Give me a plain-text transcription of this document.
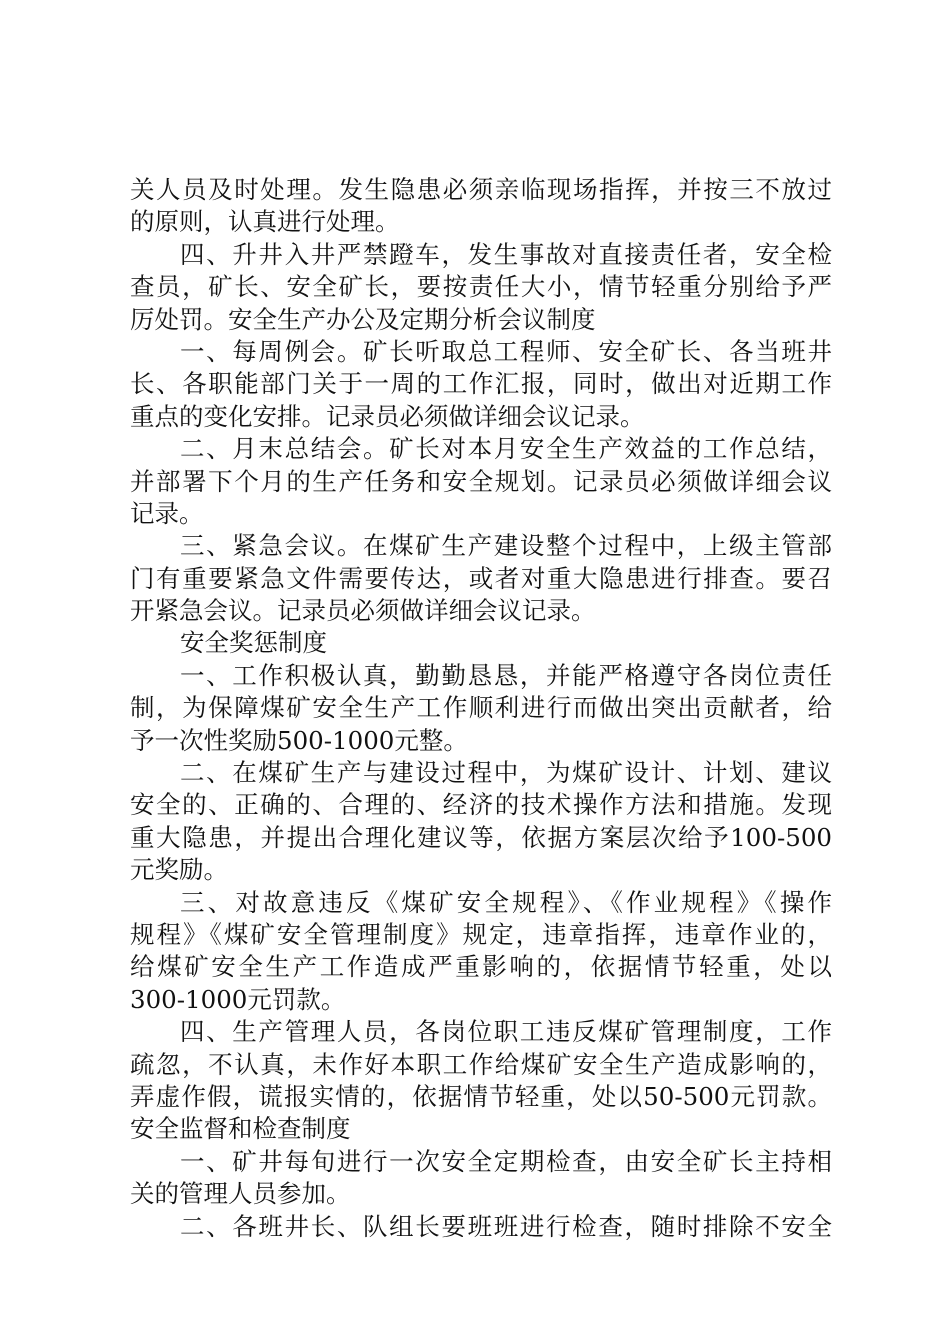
关人员及时处理。发生隐患必须亲临现场指挥，并按三不放过
的原则，认真进行处理。
四、升井入井严禁蹬车，发生事故对直接责任者，安全检
查员，矿长、安全矿长，要按责任大小，情节轻重分别给予严
厉处罚。安全生产办公及定期分析会议制度
一、每周例会。矿长听取总工程师、安全矿长、各当班井
长、各职能部门关于一周的工作汇报，同时，做出对近期工作
重点的变化安排。记录员必须做详细会议记录。
二、月末总结会。矿长对本月安全生产效益的工作总结，
并部署下个月的生产任务和安全规划。记录员必须做详细会议
记录。
三、紧急会议。在煤矿生产建设整个过程中，上级主管部
门有重要紧急文件需要传达，或者对重大隐患进行排查。要召
开紧急会议。记录员必须做详细会议记录。
安全奖惩制度
一、工作积极认真，勤勤恳恳，并能严格遵守各岗位责任
制，为保障煤矿安全生产工作顺利进行而做出突出贡献者，给
予一次性奖励500-1000元整。
二、在煤矿生产与建设过程中，为煤矿设计、计划、建议
安全的、正确的、合理的、经济的技术操作方法和措施。发现
重大隐患，并提出合理化建议等，依据方案层次给予100-500
元奖励。
三、对故意违反《煤矿安全规程》、《作业规程》《操作
规程》《煤矿安全管理制度》规定，违章指挥，违章作业的，
给煤矿安全生产工作造成严重影响的，依据情节轻重，处以
300-1000元罚款。
四、生产管理人员，各岗位职工违反煤矿管理制度，工作
疏忽，不认真，未作好本职工作给煤矿安全生产造成影响的，
弄虚作假，谎报实情的，依据情节轻重，处以50-500元罚款。
安全监督和检查制度
一、矿井每旬进行一次安全定期检查，由安全矿长主持相
关的管理人员参加。
二、各班井长、队组长要班班进行检查，随时排除不安全
